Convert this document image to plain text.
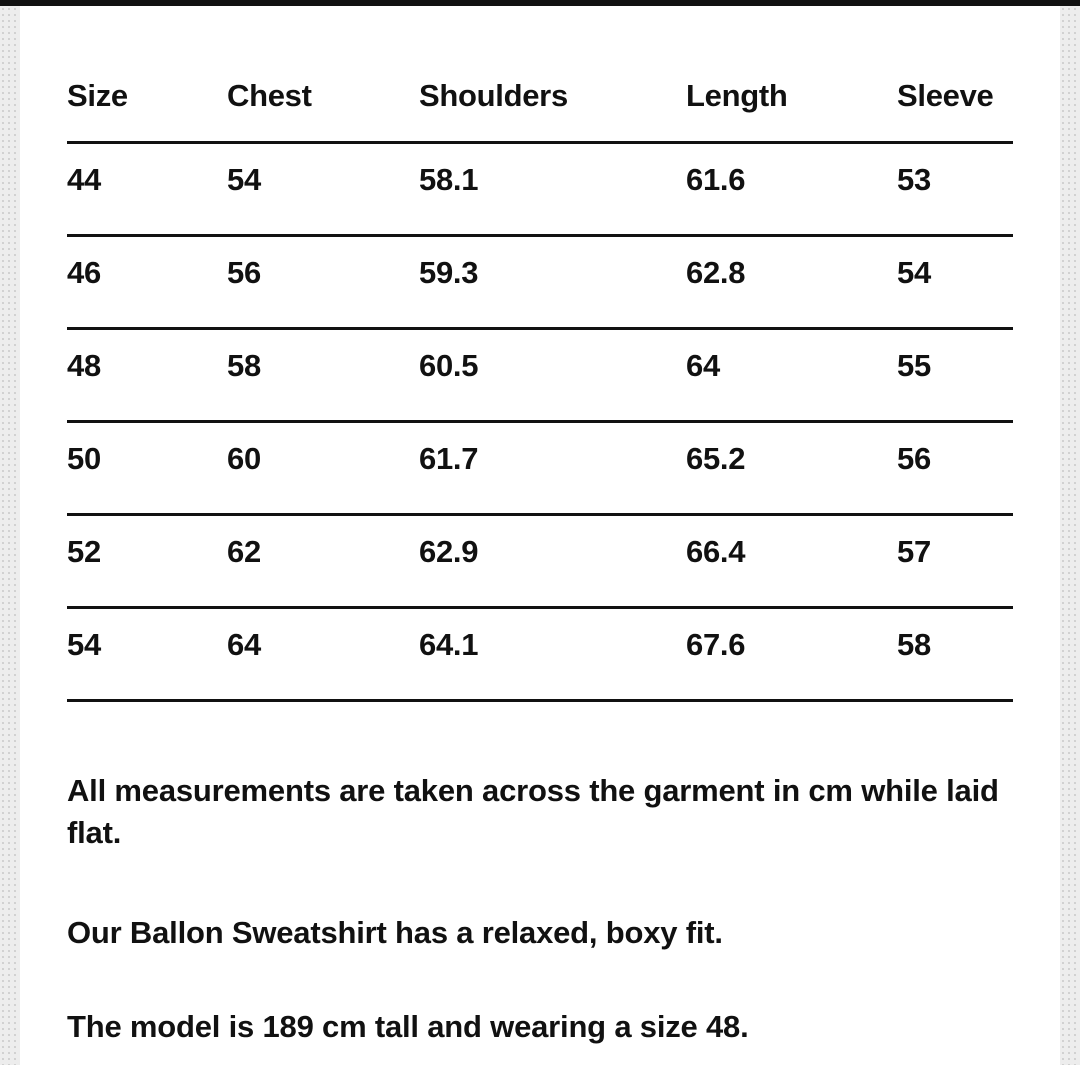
Size	Chest	Shoulders	Length	Sleeve
44	54	58.1	61.6	53
46	56	59.3	62.8	54
48	58	60.5	64	55
50	60	61.7	65.2	56
52	62	62.9	66.4	57
54	64	64.1	67.6	58

All measurements are taken across the garment in cm while laid flat.

Our Ballon Sweatshirt has a relaxed, boxy fit.

The model is 189 cm tall and wearing a size 48.
